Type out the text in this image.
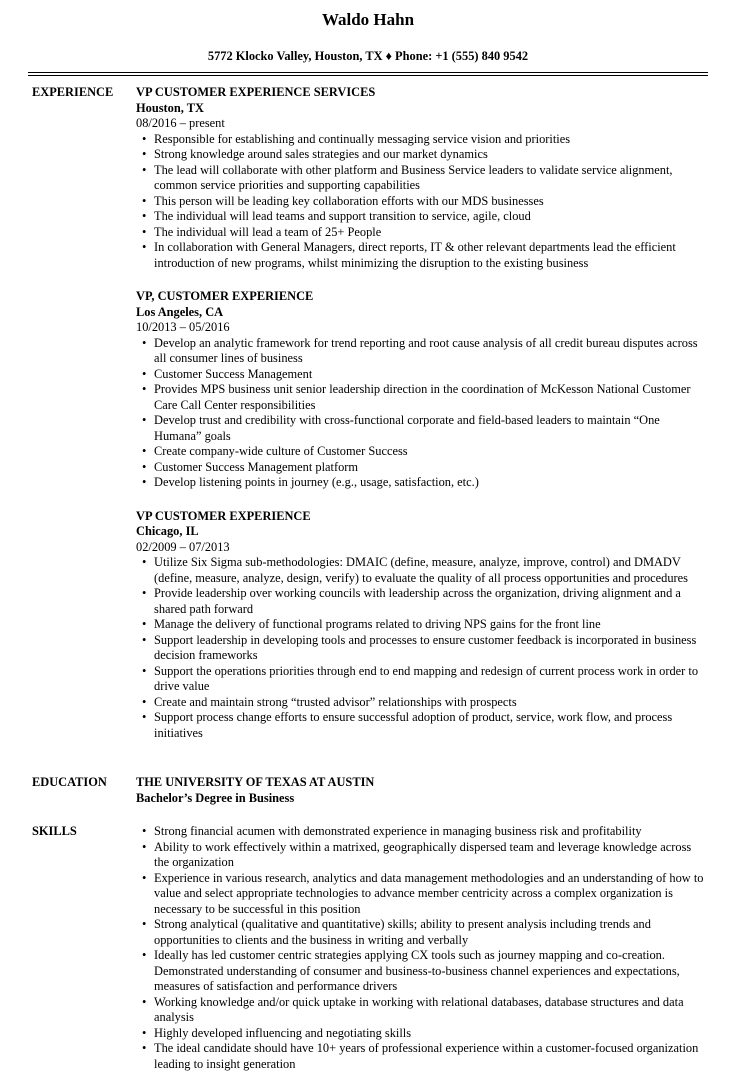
Waldo Hahn
5772 Klocko Valley, Houston, TX ♦ Phone: +1 (555) 840 9542
EXPERIENCE VP CUSTOMER EXPERIENCE SERVICES
Houston, TX
08/2016 – present
• Responsible for establishing and continually messaging service vision and priorities
• Strong knowledge around sales strategies and our market dynamics
• The lead will collaborate with other platform and Business Service leaders to validate service alignment, common service priorities and supporting capabilities
• This person will be leading key collaboration efforts with our MDS businesses
• The individual will lead teams and support transition to service, agile, cloud
• The individual will lead a team of 25+ People
• In collaboration with General Managers, direct reports, IT & other relevant departments lead the efficient introduction of new programs, whilst minimizing the disruption to the existing business
VP, CUSTOMER EXPERIENCE
Los Angeles, CA
10/2013 – 05/2016
• Develop an analytic framework for trend reporting and root cause analysis of all credit bureau disputes across all consumer lines of business
• Customer Success Management
• Provides MPS business unit senior leadership direction in the coordination of McKesson National Customer Care Call Center responsibilities
• Develop trust and credibility with cross-functional corporate and field-based leaders to maintain “One Humana” goals
• Create company-wide culture of Customer Success
• Customer Success Management platform
• Develop listening points in journey (e.g., usage, satisfaction, etc.)
VP CUSTOMER EXPERIENCE
Chicago, IL
02/2009 – 07/2013
• Utilize Six Sigma sub-methodologies: DMAIC (define, measure, analyze, improve, control) and DMADV (define, measure, analyze, design, verify) to evaluate the quality of all process opportunities and procedures
• Provide leadership over working councils with leadership across the organization, driving alignment and a shared path forward
• Manage the delivery of functional programs related to driving NPS gains for the front line
• Support leadership in developing tools and processes to ensure customer feedback is incorporated in business decision frameworks
• Support the operations priorities through end to end mapping and redesign of current process work in order to drive value
• Create and maintain strong “trusted advisor” relationships with prospects
• Support process change efforts to ensure successful adoption of product, service, work flow, and process initiatives
EDUCATION THE UNIVERSITY OF TEXAS AT AUSTIN
Bachelor’s Degree in Business
SKILLS
•	Strong financial acumen with demonstrated experience in managing business risk and profitability
• Ability to work effectively within a matrixed, geographically dispersed team and leverage knowledge across the organization
• Experience in various research, analytics and data management methodologies and an understanding of how to value and select appropriate technologies to advance member centricity across a complex organization is necessary to be successful in this position
• Strong analytical (qualitative and quantitative) skills; ability to present analysis including trends and opportunities to clients and the business in writing and verbally
• Ideally has led customer centric strategies applying CX tools such as journey mapping and co-creation. Demonstrated understanding of consumer and business-to-business channel experiences and expectations, measures of satisfaction and performance drivers
• Working knowledge and/or quick uptake in working with relational databases, database structures and data analysis
• Highly developed influencing and negotiating skills
• The ideal candidate should have 10+ years of professional experience within a customer-focused organization leading to insight generation
